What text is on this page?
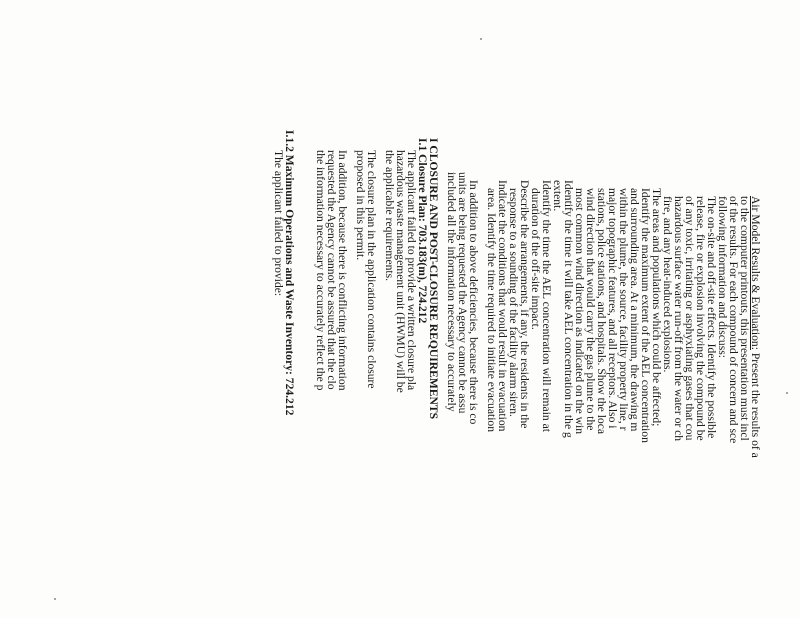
Air Model Results & Evaluation: Present the results of a
to the computer printouts, this presentation must incl
of the results. For each compound of concern and sce
following information and discuss:
The on-site and off-site effects. Identify the possible
release, fire or explosion involving the compound be
of any toxic, irritating or asphyxiating gases that cou
hazardous surface water run-off from the water or ch
fire, and any heat-induced explosions.
The areas and populations which could be affected;
Identify the maximum extent of the AEL concentration
and surrounding area. At a minimum, the drawing m
within the plume, the source, facility property line, r
major topographic features, and all receptors. Also i
stations, police stations, and hospitals. Show the loca
wind direction that would carry the gas plume to the
most common wind direction as indicated on the win
Identify the time it will take AEL concentration in the g
extent.
Identify the time the AEL concentration will remain at
duration of the off-site impact.
Describe the arrangements, if any, the residents in the
response to a sounding of the facility alarm siren.
Indicate the conditions that would result in evacuation
area. Identify the time required to initiate evacuation
In addition to above deficiencies, because there is co
units are being requested the Agency cannot be assu
included all the information necessary to accurately
I CLOSURE AND POST-CLOSURE REQUIREMENTS
I.1 Closure Plan: 703.183(m), 724.212
The applicant failed to provide a written closure pla
hazardous waste management unit (HWMU) will be
the applicable requirements.
The closure plan in the application contains closure
proposed in this permit.
In addition, because there is conflicting information
requested the Agency cannot be assured that the clo
the information necessary to accurately reflect the p
I.1.2 Maximum Operations and Waste Inventory: 724.212
The applicant failed to provide:
